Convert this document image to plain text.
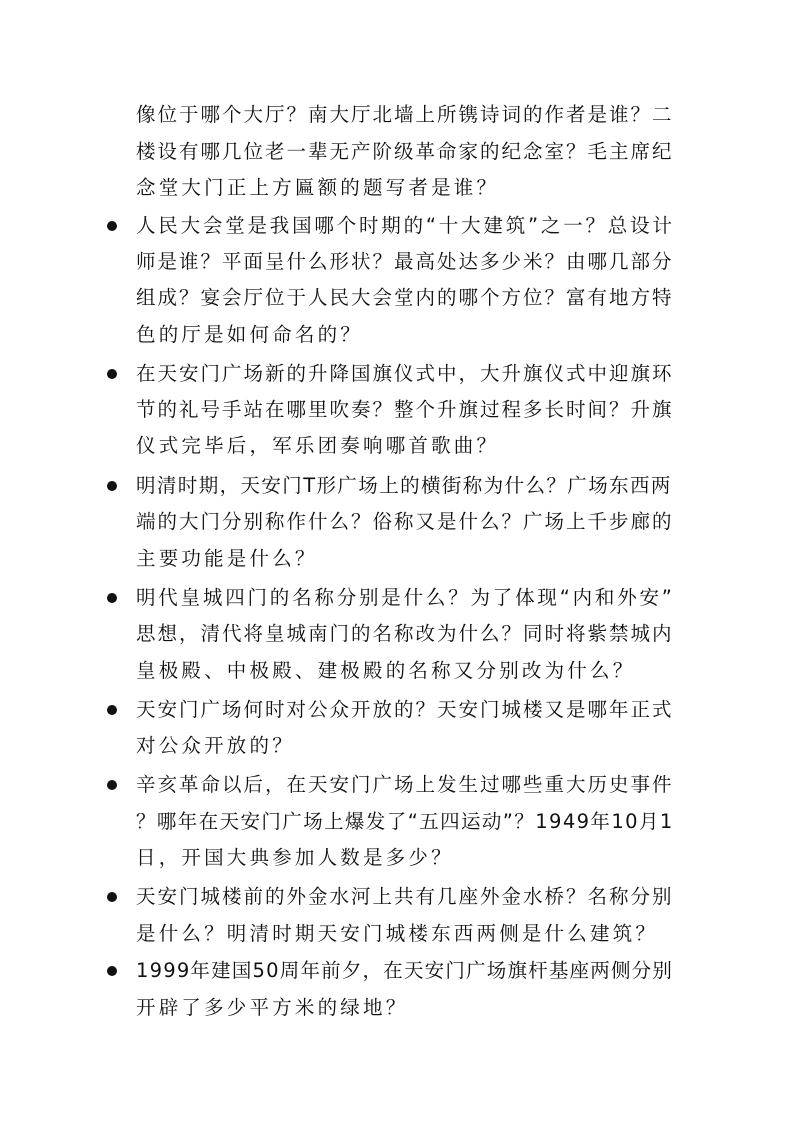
像位于哪个大厅？南大厅北墙上所镌诗词的作者是谁？二
楼设有哪几位老一辈无产阶级革命家的纪念室？毛主席纪
念堂大门正上方匾额的题写者是谁？
人民大会堂是我国哪个时期的“十大建筑”之一？总设计
师是谁？平面呈什么形状？最高处达多少米？由哪几部分
组成？宴会厅位于人民大会堂内的哪个方位？富有地方特
色的厅是如何命名的？
在天安门广场新的升降国旗仪式中，大升旗仪式中迎旗环
节的礼号手站在哪里吹奏？整个升旗过程多长时间？升旗
仪式完毕后，军乐团奏响哪首歌曲？
明清时期，天安门T形广场上的横街称为什么？广场东西两
端的大门分别称作什么？俗称又是什么？广场上千步廊的
主要功能是什么？
明代皇城四门的名称分别是什么？为了体现“内和外安”
思想，清代将皇城南门的名称改为什么？同时将紫禁城内
皇极殿、中极殿、建极殿的名称又分别改为什么？
天安门广场何时对公众开放的？天安门城楼又是哪年正式
对公众开放的？
辛亥革命以后，在天安门广场上发生过哪些重大历史事件
？哪年在天安门广场上爆发了“五四运动”？1949年10月1
日，开国大典参加人数是多少？
天安门城楼前的外金水河上共有几座外金水桥？名称分别
是什么？明清时期天安门城楼东西两侧是什么建筑？
1999年建国50周年前夕，在天安门广场旗杆基座两侧分别
开辟了多少平方米的绿地？
